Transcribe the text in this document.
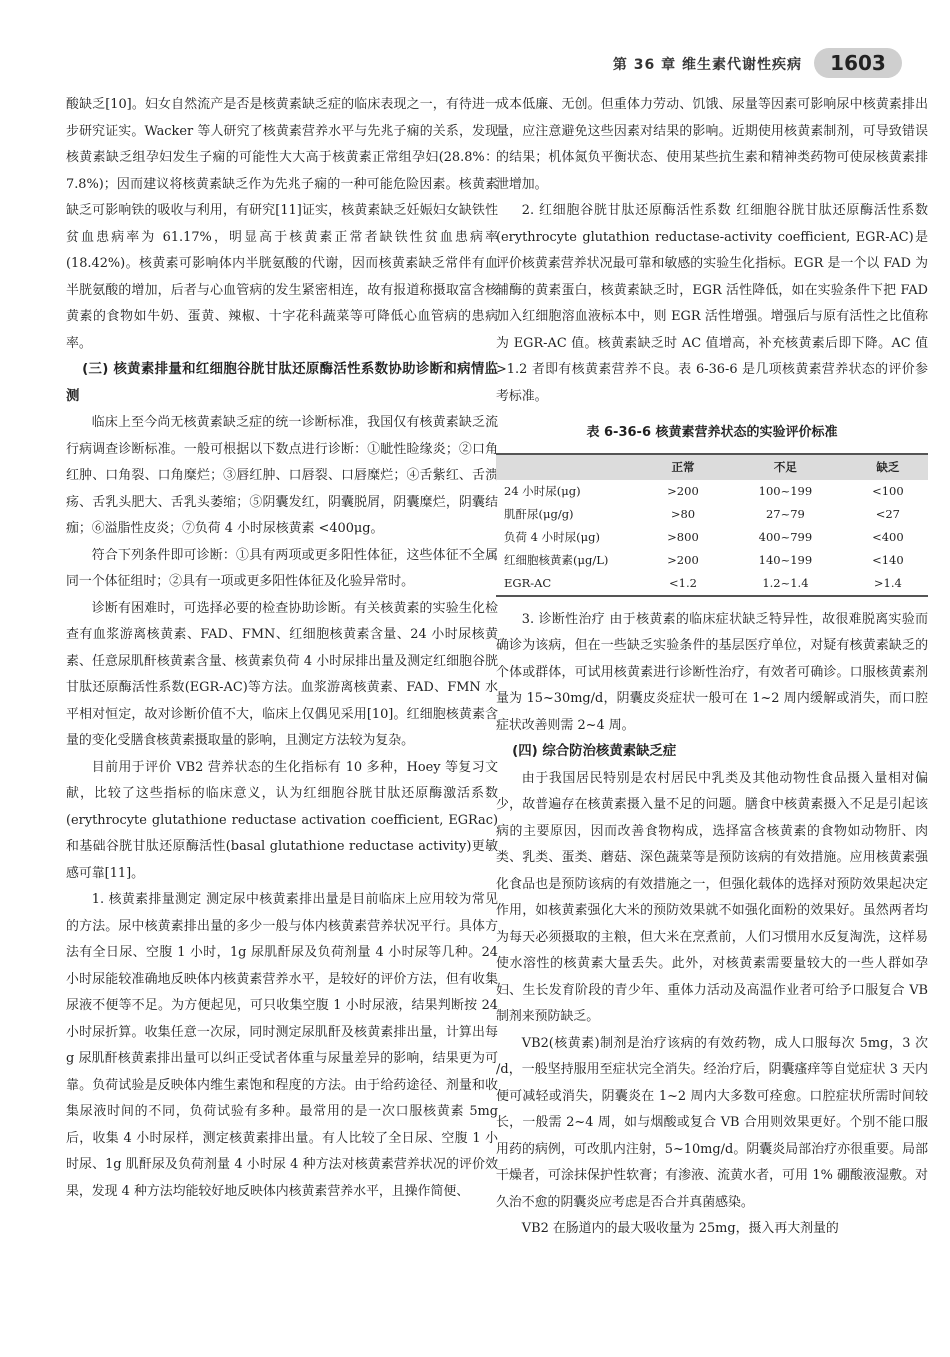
第 36 章 维生素代谢性疾病	1603

酸缺乏[10]。妇女自然流产是否是核黄素缺乏症的临床表现之一，有待进一步研究证实。Wacker 等人研究了核黄素营养水平与先兆子痫的关系，发现核黄素缺乏组孕妇发生子痫的可能性大大高于核黄素正常组孕妇(28.8%：7.8%)；因而建议将核黄素缺乏作为先兆子痫的一种可能危险因素。核黄素缺乏可影响铁的吸收与利用，有研究[11]证实，核黄素缺乏妊娠妇女缺铁性贫血患病率为 61.17%，明显高于核黄素正常者缺铁性贫血患病率(18.42%)。核黄素可影响体内半胱氨酸的代谢，因而核黄素缺乏常伴有血半胱氨酸的增加，后者与心血管病的发生紧密相连，故有报道称摄取富含核黄素的食物如牛奶、蛋黄、辣椒、十字花科蔬菜等可降低心血管病的患病率。

(三) 核黄素排量和红细胞谷胱甘肽还原酶活性系数协助诊断和病情监测

临床上至今尚无核黄素缺乏症的统一诊断标准，我国仅有核黄素缺乏流行病调查诊断标准。一般可根据以下数点进行诊断：①眦性睑缘炎；②口角红肿、口角裂、口角糜烂；③唇红肿、口唇裂、口唇糜烂；④舌紫红、舌溃疡、舌乳头肥大、舌乳头萎缩；⑤阴囊发红，阴囊脱屑，阴囊糜烂，阴囊结痂；⑥溢脂性皮炎；⑦负荷 4 小时尿核黄素 <400μg。

符合下列条件即可诊断：①具有两项或更多阳性体征，这些体征不全属同一个体征组时；②具有一项或更多阳性体征及化验异常时。

诊断有困难时，可选择必要的检查协助诊断。有关核黄素的实验生化检查有血浆游离核黄素、FAD、FMN、红细胞核黄素含量、24 小时尿核黄素、任意尿肌酐核黄素含量、核黄素负荷 4 小时尿排出量及测定红细胞谷胱甘肽还原酶活性系数(EGR-AC)等方法。血浆游离核黄素、FAD、FMN 水平相对恒定，故对诊断价值不大，临床上仅偶见采用[10]。红细胞核黄素含量的变化受膳食核黄素摄取量的影响，且测定方法较为复杂。

目前用于评价 VB2 营养状态的生化指标有 10 多种，Hoey 等复习文献，比较了这些指标的临床意义，认为红细胞谷胱甘肽还原酶激活系数(erythrocyte glutathione reductase activation coefficient, EGRac)和基础谷胱甘肽还原酶活性(basal glutathione reductase activity)更敏感可靠[11]。

1. 核黄素排量测定 测定尿中核黄素排出量是目前临床上应用较为常见的方法。尿中核黄素排出量的多少一般与体内核黄素营养状况平行。具体方法有全日尿、空腹 1 小时，1g 尿肌酐尿及负荷剂量 4 小时尿等几种。24 小时尿能较准确地反映体内核黄素营养水平，是较好的评价方法，但有收集尿液不便等不足。为方便起见，可只收集空腹 1 小时尿液，结果判断按 24 小时尿折算。收集任意一次尿，同时测定尿肌酐及核黄素排出量，计算出每 g 尿肌酐核黄素排出量可以纠正受试者体重与尿量差异的影响，结果更为可靠。负荷试验是反映体内维生素饱和程度的方法。由于给药途径、剂量和收集尿液时间的不同，负荷试验有多种。最常用的是一次口服核黄素 5mg 后，收集 4 小时尿样，测定核黄素排出量。有人比较了全日尿、空腹 1 小时尿、1g 肌酐尿及负荷剂量 4 小时尿 4 种方法对核黄素营养状况的评价效果，发现 4 种方法均能较好地反映体内核黄素营养水平，且操作简便、

成本低廉、无创。但重体力劳动、饥饿、尿量等因素可影响尿中核黄素排出量，应注意避免这些因素对结果的影响。近期使用核黄素制剂，可导致错误的结果；机体氮负平衡状态、使用某些抗生素和精神类药物可使尿核黄素排泄增加。

2. 红细胞谷胱甘肽还原酶活性系数 红细胞谷胱甘肽还原酶活性系数(erythrocyte glutathion reductase-activity coefficient, EGR-AC)是评价核黄素营养状况最可靠和敏感的实验生化指标。EGR 是一个以 FAD 为辅酶的黄素蛋白，核黄素缺乏时，EGR 活性降低，如在实验条件下把 FAD 加入红细胞溶血液标本中，则 EGR 活性增强。增强后与原有活性之比值称为 EGR-AC 值。核黄素缺乏时 AC 值增高，补充核黄素后即下降。AC 值 >1.2 者即有核黄素营养不良。表 6-36-6 是几项核黄素营养状态的评价参考标准。

表 6-36-6 核黄素营养状态的实验评价标准
	正常	不足	缺乏
24 小时尿(μg)	>200	100~199	<100
肌酐尿(μg/g)	>80	27~79	<27
负荷 4 小时尿(μg)	>800	400~799	<400
红细胞核黄素(μg/L)	>200	140~199	<140
EGR-AC	<1.2	1.2~1.4	>1.4

3. 诊断性治疗 由于核黄素的临床症状缺乏特异性，故很难脱离实验而确诊为该病，但在一些缺乏实验条件的基层医疗单位，对疑有核黄素缺乏的个体或群体，可试用核黄素进行诊断性治疗，有效者可确诊。口服核黄素剂量为 15~30mg/d，阴囊皮炎症状一般可在 1~2 周内缓解或消失，而口腔症状改善则需 2~4 周。

(四) 综合防治核黄素缺乏症

由于我国居民特别是农村居民中乳类及其他动物性食品摄入量相对偏少，故普遍存在核黄素摄入量不足的问题。膳食中核黄素摄入不足是引起该病的主要原因，因而改善食物构成，选择富含核黄素的食物如动物肝、肉类、乳类、蛋类、蘑菇、深色蔬菜等是预防该病的有效措施。应用核黄素强化食品也是预防该病的有效措施之一，但强化载体的选择对预防效果起决定作用，如核黄素强化大米的预防效果就不如强化面粉的效果好。虽然两者均为每天必须摄取的主粮，但大米在烹煮前，人们习惯用水反复淘洗，这样易使水溶性的核黄素大量丢失。此外，对核黄素需要量较大的一些人群如孕妇、生长发育阶段的青少年、重体力活动及高温作业者可给予口服复合 VB 制剂来预防缺乏。

VB2(核黄素)制剂是治疗该病的有效药物，成人口服每次 5mg，3 次 /d，一般坚持服用至症状完全消失。经治疗后，阴囊瘙痒等自觉症状 3 天内便可减轻或消失，阴囊炎在 1~2 周内大多数可痊愈。口腔症状所需时间较长，一般需 2~4 周，如与烟酸或复合 VB 合用则效果更好。个别不能口服用药的病例，可改肌内注射，5~10mg/d。阴囊炎局部治疗亦很重要。局部干燥者，可涂抹保护性软膏；有渗液、流黄水者，可用 1% 硼酸液湿敷。对久治不愈的阴囊炎应考虑是否合并真菌感染。

VB2 在肠道内的最大吸收量为 25mg，摄入再大剂量的
